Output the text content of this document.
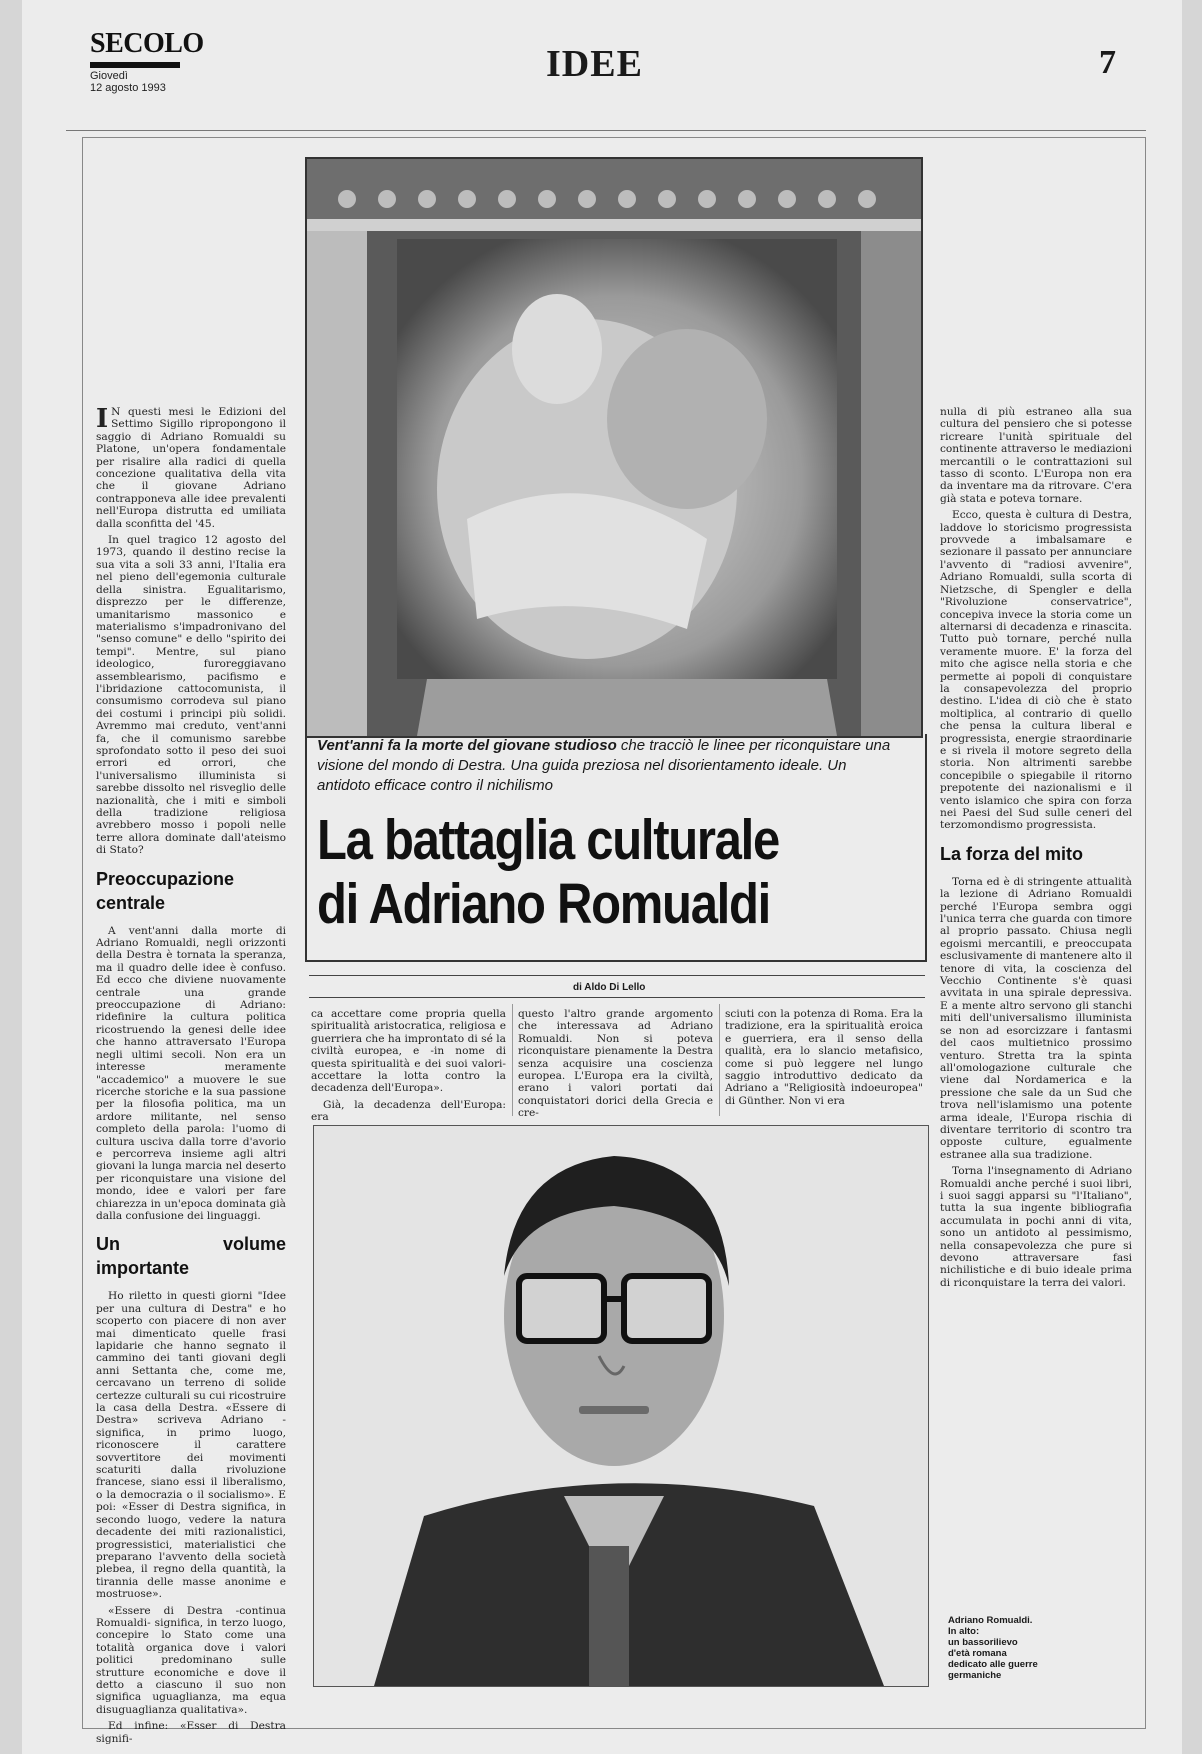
SECOLO
Giovedì
12 agosto 1993
IDEE	7

I N questi mesi le Edizioni del Settimo Sigillo ripropongono il saggio di Adriano Romualdi su Platone, un'opera fondamentale per risalire alla radici di quella concezione qualitativa della vita che il giovane Adriano contrapponeva alle idee prevalenti nell'Europa distrutta ed umiliata dalla sconfitta del '45.

In quel tragico 12 agosto del 1973, quando il destino recise la sua vita a soli 33 anni, l'Italia era nel pieno dell'egemonia culturale della sinistra. Egualitarismo, disprezzo per le differenze, umanitarismo massonico e materialismo s'impadronivano del "senso comune" e dello "spirito dei tempi". Mentre, sul piano ideologico, furoreggiavano assemblearismo, pacifismo e l'ibridazione cattocomunista, il consumismo corrodeva sul piano dei costumi i principi più solidi. Avremmo mai creduto, vent'anni fa, che il comunismo sarebbe sprofondato sotto il peso dei suoi errori ed orrori, che l'universalismo illuminista si sarebbe dissolto nel risveglio delle nazionalità, che i miti e simboli della tradizione religiosa avrebbero mosso i popoli nelle terre allora dominate dall'ateismo di Stato?

Preoccupazione centrale

A vent'anni dalla morte di Adriano Romualdi, negli orizzonti della Destra è tornata la speranza, ma il quadro delle idee è confuso. Ed ecco che diviene nuovamente centrale una grande preoccupazione di Adriano: ridefinire la cultura politica ricostruendo la genesi delle idee che hanno attraversato l'Europa negli ultimi secoli. Non era un interesse meramente "accademico" a muovere le sue ricerche storiche e la sua passione per la filosofia politica, ma un ardore militante, nel senso completo della parola: l'uomo di cultura usciva dalla torre d'avorio e percorreva insieme agli altri giovani la lunga marcia nel deserto per riconquistare una visione del mondo, idee e valori per fare chiarezza in un'epoca dominata già dalla confusione dei linguaggi.

Un volume importante

Ho riletto in questi giorni "Idee per una cultura di Destra" e ho scoperto con piacere di non aver mai dimenticato quelle frasi lapidarie che hanno segnato il cammino dei tanti giovani degli anni Settanta che, come me, cercavano un terreno di solide certezze culturali su cui ricostruire la casa della Destra. «Essere di Destra» scriveva Adriano - significa, in primo luogo, riconoscere il carattere sovvertitore dei movimenti scaturiti dalla rivoluzione francese, siano essi il liberalismo, o la democrazia o il socialismo». E poi: «Esser di Destra significa, in secondo luogo, vedere la natura decadente dei miti razionalistici, progressistici, materialistici che preparano l'avvento della società plebea, il regno della quantità, la tirannia delle masse anonime e mostruose».

«Essere di Destra -continua Romualdi- significa, in terzo luogo, concepire lo Stato come una totalità organica dove i valori politici predominano sulle strutture economiche e dove il detto a ciascuno il suo non significa uguaglianza, ma equa disuguaglianza qualitativa».

Ed infine: «Esser di Destra signifi-

Vent'anni fa la morte del giovane studioso che tracciò le linee per riconquistare una visione del mondo di Destra. Una guida preziosa nel disorientamento ideale. Un antidoto efficace contro il nichilismo
La battaglia culturale
di Adriano Romualdi
di Aldo Di Lello

ca accettare come propria quella spiritualità aristocratica, religiosa e guerriera che ha improntato di sé la civiltà europea, e -in nome di questa spiritualità e dei suoi valori- accettare la lotta contro la decadenza dell'Europa».

Già, la decadenza dell'Europa: era

questo l'altro grande argomento che interessava ad Adriano Romualdi. Non si poteva riconquistare pienamente la Destra senza acquisire una coscienza europea. L'Europa era la civiltà, erano i valori portati dai conquistatori dorici della Grecia e cre-

sciuti con la potenza di Roma. Era la tradizione, era la spiritualità eroica e guerriera, era il senso della qualità, era lo slancio metafisico, come si può leggere nel lungo saggio introduttivo dedicato da Adriano a "Religiosità indoeuropea" di Günther. Non vi era

nulla di più estraneo alla sua cultura del pensiero che si potesse ricreare l'unità spirituale del continente attraverso le mediazioni mercantili o le contrattazioni sul tasso di sconto. L'Europa non era da inventare ma da ritrovare. C'era già stata e poteva tornare.

Ecco, questa è cultura di Destra, laddove lo storicismo progressista provvede a imbalsamare e sezionare il passato per annunciare l'avvento di "radiosi avvenire", Adriano Romualdi, sulla scorta di Nietzsche, di Spengler e della "Rivoluzione conservatrice", concepiva invece la storia come un alternarsi di decadenza e rinascita. Tutto può tornare, perché nulla veramente muore. E' la forza del mito che agisce nella storia e che permette ai popoli di conquistare la consapevolezza del proprio destino. L'idea di ciò che è stato moltiplica, al contrario di quello che pensa la cultura liberal e progressista, energie straordinarie e si rivela il motore segreto della storia. Non altrimenti sarebbe concepibile o spiegabile il ritorno prepotente dei nazionalismi e il vento islamico che spira con forza nei Paesi del Sud sulle ceneri del terzomondismo progressista.

La forza del mito

Torna ed è di stringente attualità la lezione di Adriano Romualdi perché l'Europa sembra oggi l'unica terra che guarda con timore al proprio passato. Chiusa negli egoismi mercantili, e preoccupata esclusivamente di mantenere alto il tenore di vita, la coscienza del Vecchio Continente s'è quasi avvitata in una spirale depressiva. E a mente altro servono gli stanchi miti dell'universalismo illuminista se non ad esorcizzare i fantasmi del caos multietnico prossimo venturo. Stretta tra la spinta all'omologazione culturale che viene dal Nordamerica e la pressione che sale da un Sud che trova nell'islamismo una potente arma ideale, l'Europa rischia di diventare territorio di scontro tra opposte culture, egualmente estranee alla sua tradizione.

Torna l'insegnamento di Adriano Romualdi anche perché i suoi libri, i suoi saggi apparsi su "l'Italiano", tutta la sua ingente bibliografia accumulata in pochi anni di vita, sono un antidoto al pessimismo, nella consapevolezza che pure si devono attraversare fasi nichilistiche e di buio ideale prima di riconquistare la terra dei valori.

Adriano Romualdi.
In alto:
un bassorilievo
d'età romana
dedicato alle guerre
germaniche
